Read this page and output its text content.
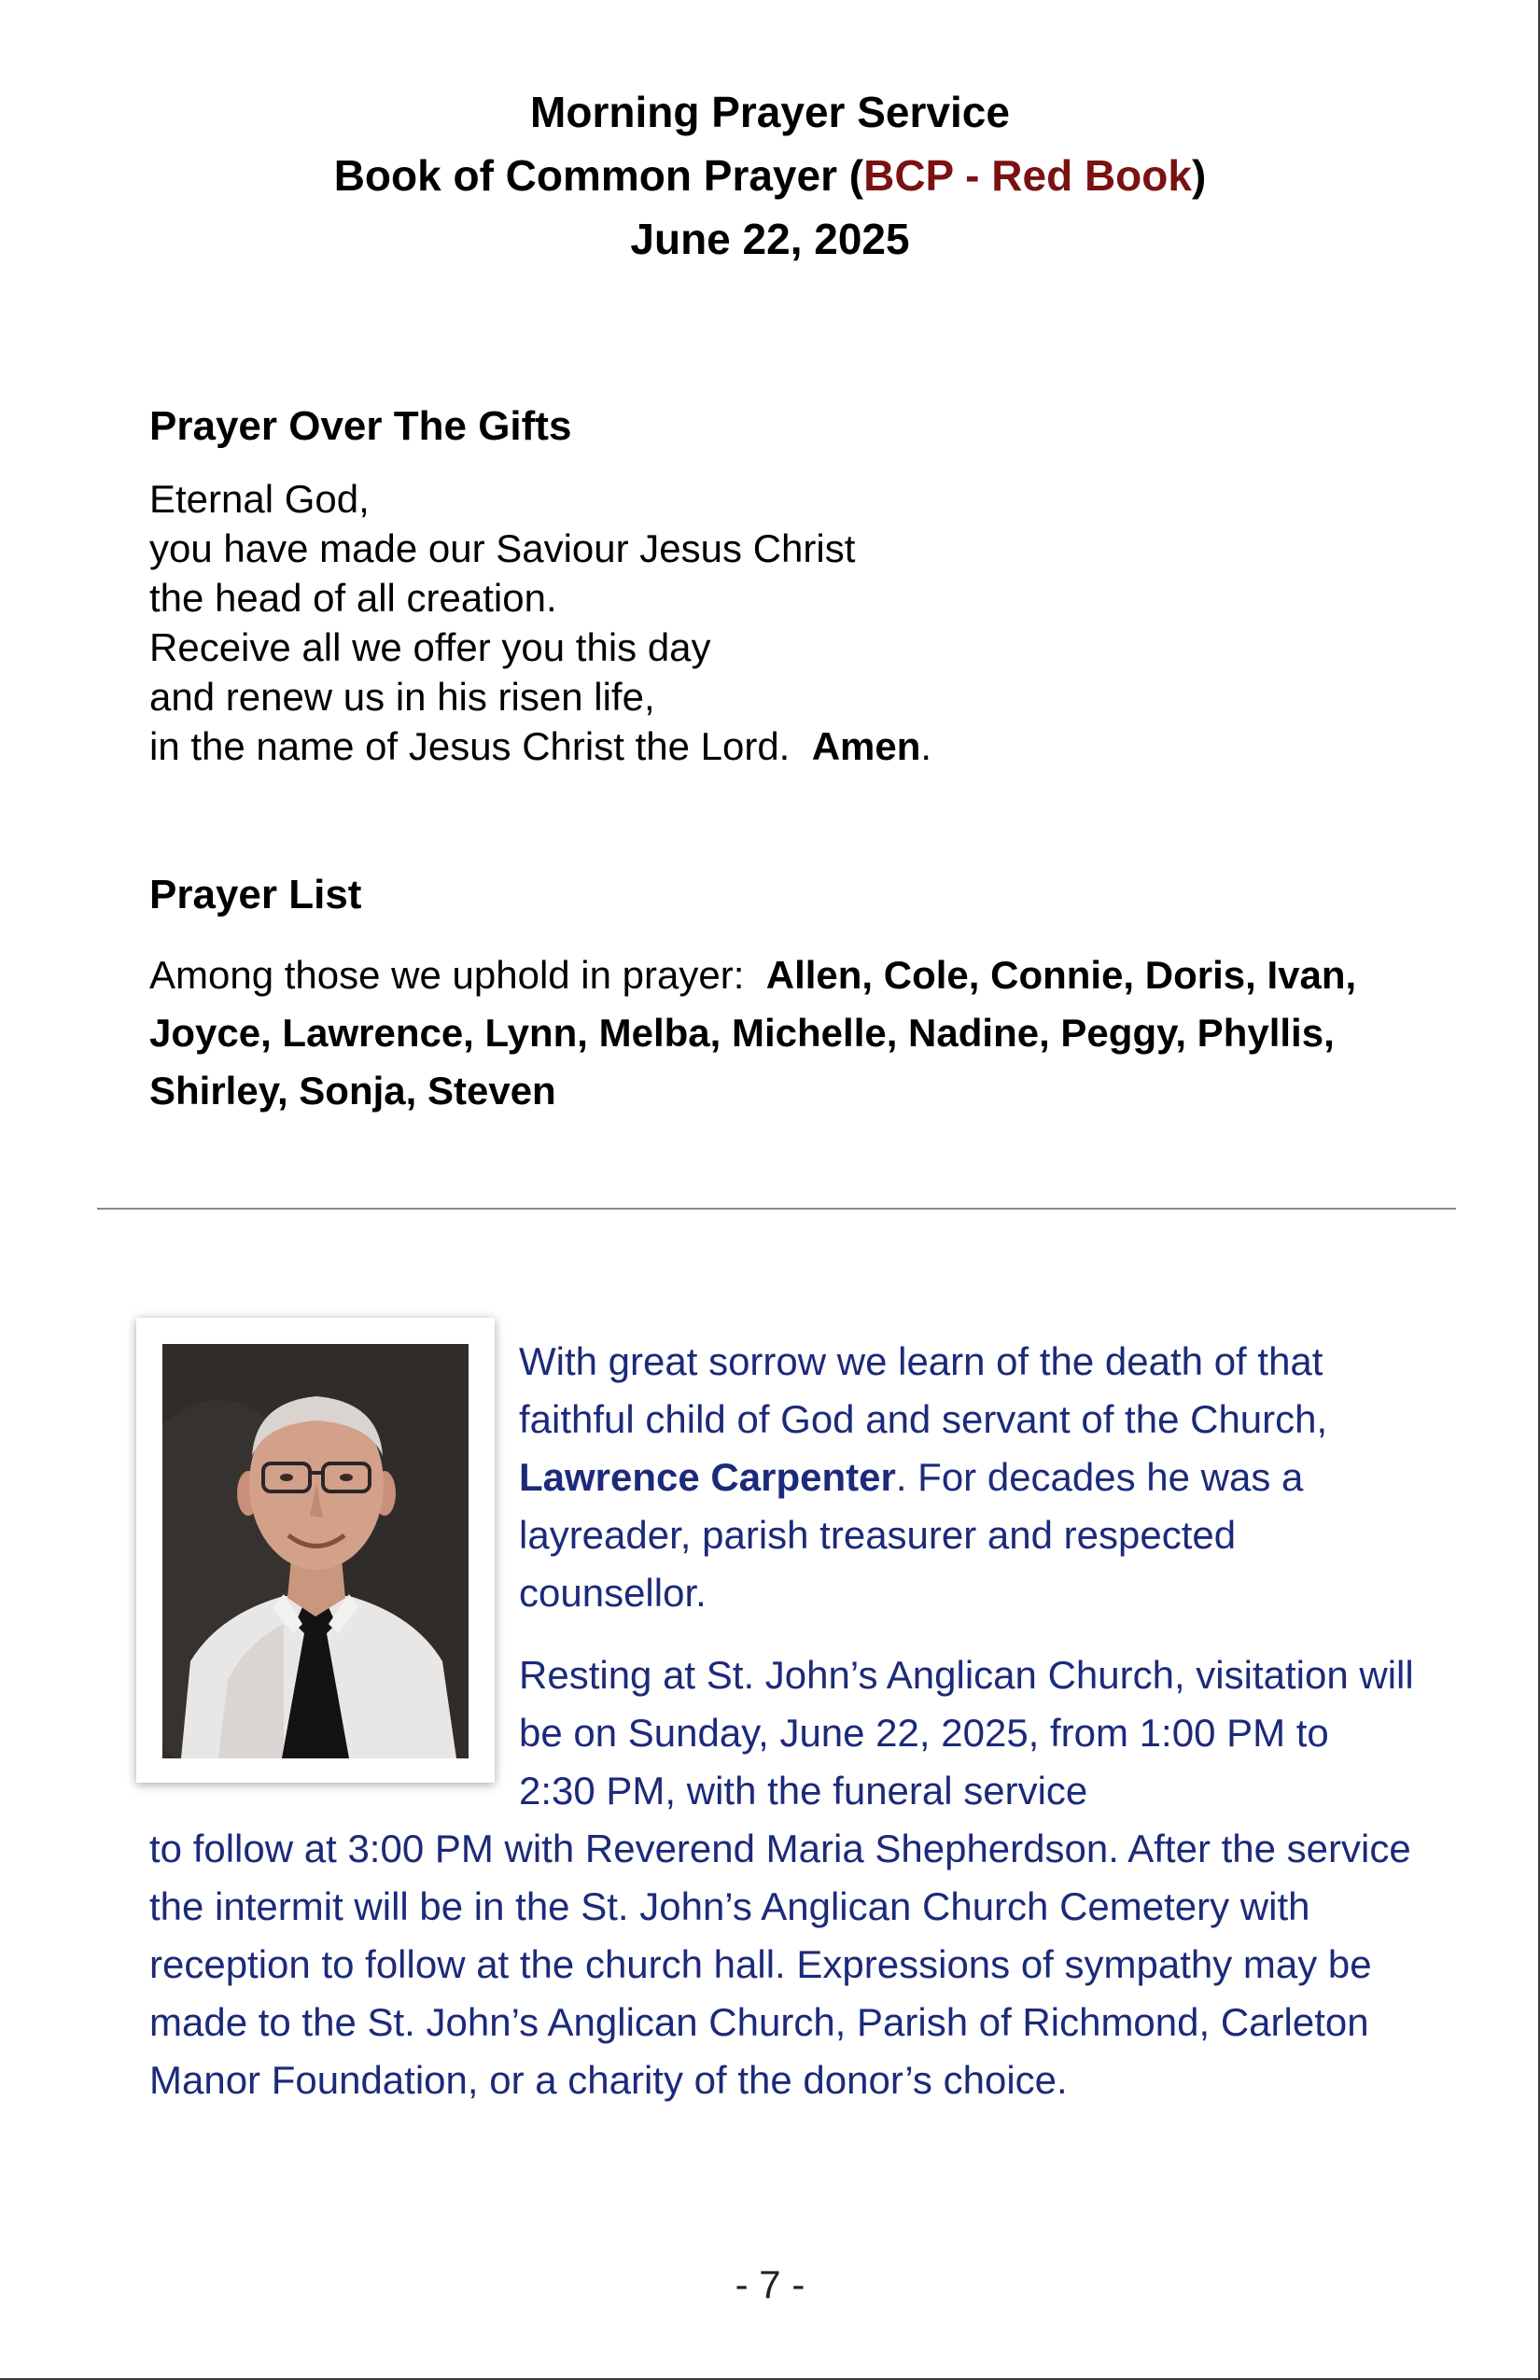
Morning Prayer Service
Book of Common Prayer (BCP - Red Book)
June 22, 2025
Prayer Over The Gifts
Eternal God,
you have made our Saviour Jesus Christ
the head of all creation.
Receive all we offer you this day
and renew us in his risen life,
in the name of Jesus Christ the Lord. Amen.
Prayer List
Among those we uphold in prayer: Allen, Cole, Connie, Doris, Ivan, Joyce, Lawrence, Lynn, Melba, Michelle, Nadine, Peggy, Phyllis, Shirley, Sonja, Steven
With great sorrow we learn of the death of that faithful child of God and servant of the Church, Lawrence Carpenter. For decades he was a layreader, parish treasurer and respected counsellor.
Resting at St. John’s Anglican Church, visitation will be on Sunday, June 22, 2025, from 1:00 PM to 2:30 PM, with the funeral service
to follow at 3:00 PM with Reverend Maria Shepherdson. After the service the intermit will be in the St. John’s Anglican Church Cemetery with reception to follow at the church hall. Expressions of sympathy may be made to the St. John’s Anglican Church, Parish of Richmond, Carleton Manor Foundation, or a charity of the donor’s choice.
- 7 -
